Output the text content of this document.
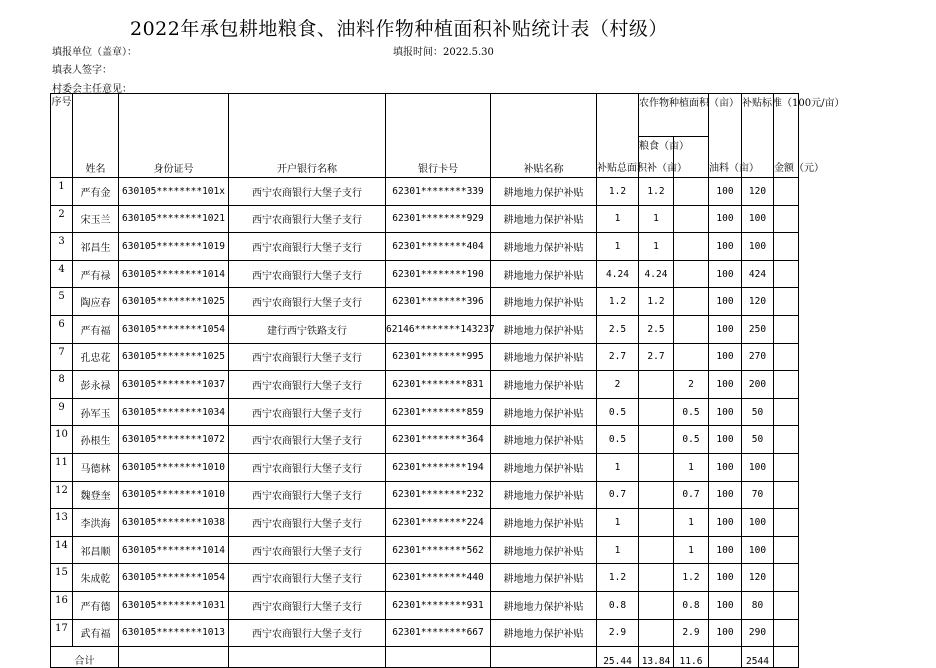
2022年承包耕地粮食、油料作物种植面积补贴统计表（村级）
填报单位（盖章）：	填报时间：2022.5.30
填表人签字：
村委会主任意见：
序号	姓名	身份证号	开户银行名称	银行卡号	补贴名称	补贴总面积补（亩）	农作物种植面积（亩）		油料（亩）	补贴标准（100元/亩）	金额（元）	
							粮食（亩）					
1	严有金	630105********101x	西宁农商银行大堡子支行	62301********339	耕地地力保护补贴	1.2	1.2		100	120		
2	宋玉兰	630105********1021	西宁农商银行大堡子支行	62301********929	耕地地力保护补贴	1	1		100	100		
3	祁昌生	630105********1019	西宁农商银行大堡子支行	62301********404	耕地地力保护补贴	1	1		100	100		
4	严有禄	630105********1014	西宁农商银行大堡子支行	62301********190	耕地地力保护补贴	4.24	4.24		100	424		
5	陶应春	630105********1025	西宁农商银行大堡子支行	62301********396	耕地地力保护补贴	1.2	1.2		100	120		
6	严有福	630105********1054	建行西宁铁路支行	62146********143237	耕地地力保护补贴	2.5	2.5		100	250		
7	孔忠花	630105********1025	西宁农商银行大堡子支行	62301********995	耕地地力保护补贴	2.7	2.7		100	270		
8	彭永禄	630105********1037	西宁农商银行大堡子支行	62301********831	耕地地力保护补贴	2		2	100	200		
9	孙军玉	630105********1034	西宁农商银行大堡子支行	62301********859	耕地地力保护补贴	0.5		0.5	100	50		
10	孙根生	630105********1072	西宁农商银行大堡子支行	62301********364	耕地地力保护补贴	0.5		0.5	100	50		
11	马德林	630105********1010	西宁农商银行大堡子支行	62301********194	耕地地力保护补贴	1		1	100	100		
12	魏登奎	630105********1010	西宁农商银行大堡子支行	62301********232	耕地地力保护补贴	0.7		0.7	100	70		
13	李洪海	630105********1038	西宁农商银行大堡子支行	62301********224	耕地地力保护补贴	1		1	100	100		
14	祁昌顺	630105********1014	西宁农商银行大堡子支行	62301********562	耕地地力保护补贴	1		1	100	100		
15	朱成乾	630105********1054	西宁农商银行大堡子支行	62301********440	耕地地力保护补贴	1.2		1.2	100	120		
16	严有德	630105********1031	西宁农商银行大堡子支行	62301********931	耕地地力保护补贴	0.8		0.8	100	80		
17	武有福	630105********1013	西宁农商银行大堡子支行	62301********667	耕地地力保护补贴	2.9		2.9	100	290		
合计						25.44	13.84	11.6		2544		
